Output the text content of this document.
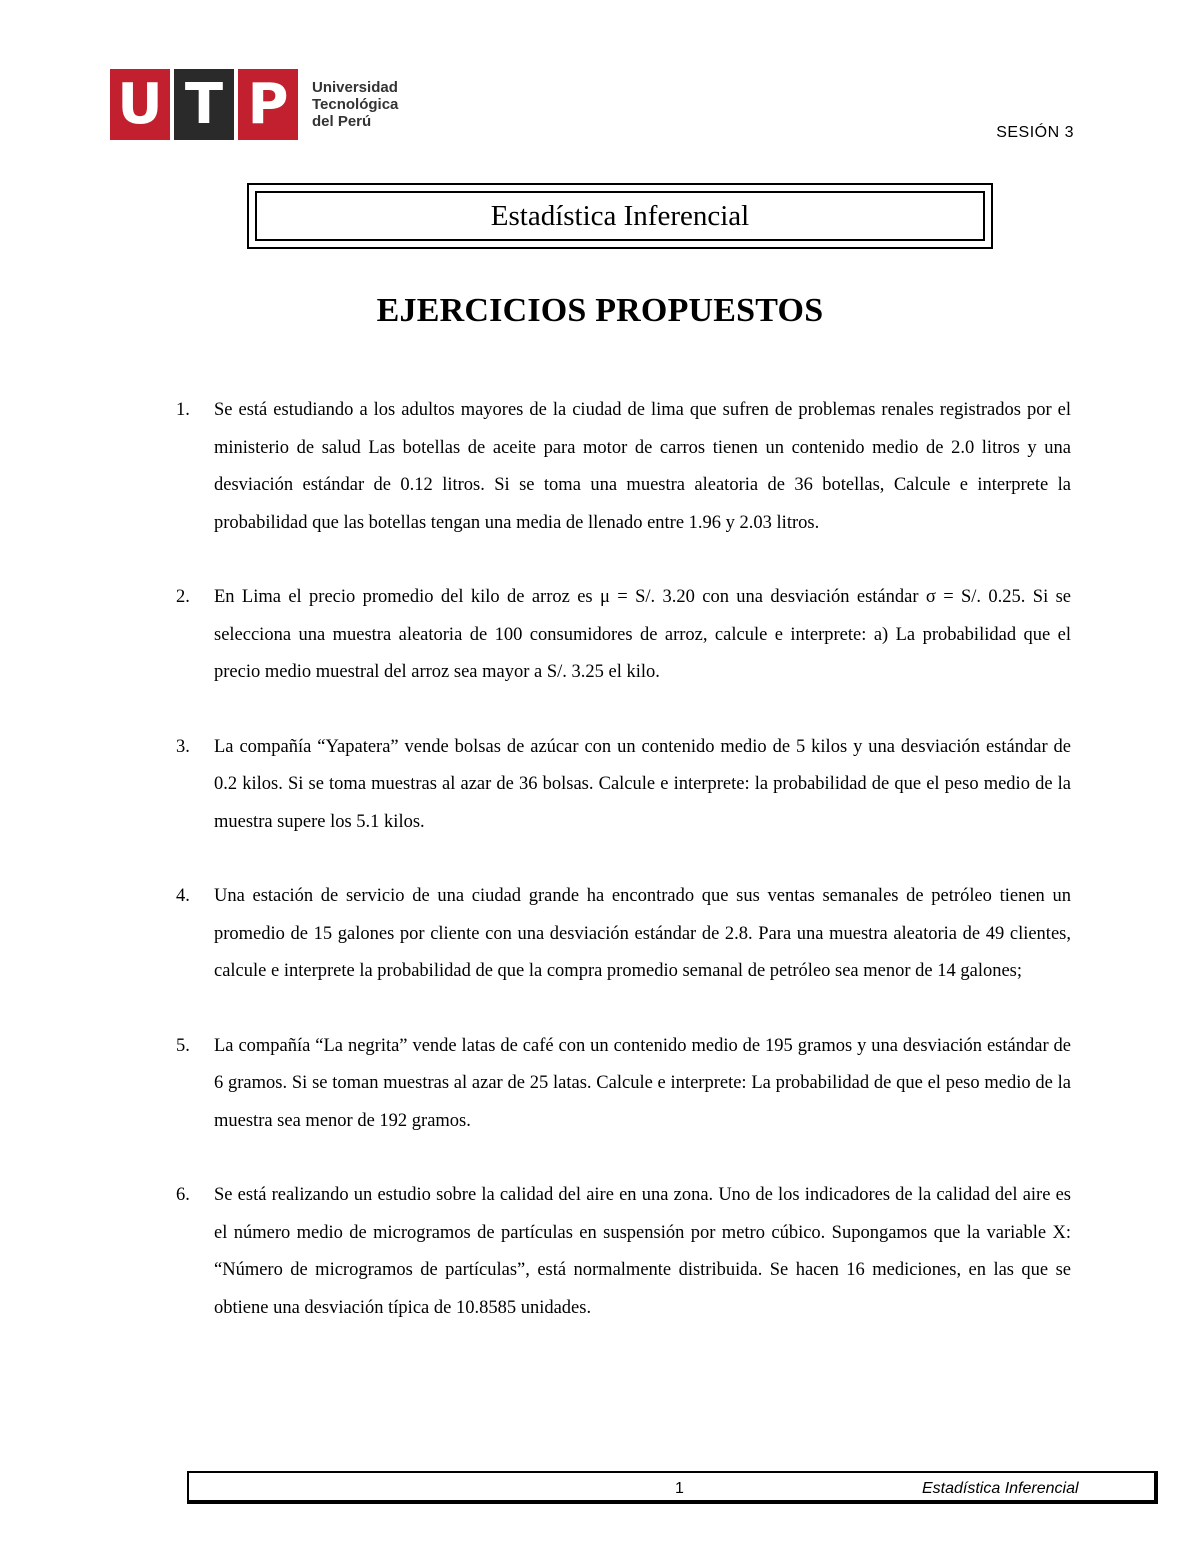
U T P	Universidad
Tecnológica
del Perú
SESIÓN 3
Estadística Inferencial
EJERCICIOS PROPUESTOS
1. Se está estudiando a los adultos mayores de la ciudad de lima que sufren de problemas renales registrados por el ministerio de salud Las botellas de aceite para motor de carros tienen un contenido medio de 2.0 litros y una desviación estándar de 0.12 litros. Si se toma una muestra aleatoria de 36 botellas, Calcule e interprete la probabilidad que las botellas tengan una media de llenado entre 1.96 y 2.03 litros.
2. En Lima el precio promedio del kilo de arroz es μ = S/. 3.20 con una desviación estándar σ = S/. 0.25. Si se selecciona una muestra aleatoria de 100 consumidores de arroz, calcule e interprete: a) La probabilidad que el precio medio muestral del arroz sea mayor a S/. 3.25 el kilo.
3. La compañía “Yapatera” vende bolsas de azúcar con un contenido medio de 5 kilos y una desviación estándar de 0.2 kilos. Si se toma muestras al azar de 36 bolsas. Calcule e interprete: la probabilidad de que el peso medio de la muestra supere los 5.1 kilos.
4. Una estación de servicio de una ciudad grande ha encontrado que sus ventas semanales de petróleo tienen un promedio de 15 galones por cliente con una desviación estándar de 2.8. Para una muestra aleatoria de 49 clientes, calcule e interprete la probabilidad de que la compra promedio semanal de petróleo sea menor de 14 galones;
5. La compañía “La negrita” vende latas de café con un contenido medio de 195 gramos y una desviación estándar de 6 gramos. Si se toman muestras al azar de 25 latas. Calcule e interprete: La probabilidad de que el peso medio de la muestra sea menor de 192 gramos.
6. Se está realizando un estudio sobre la calidad del aire en una zona. Uno de los indicadores de la calidad del aire es el número medio de microgramos de partículas en suspensión por metro cúbico. Supongamos que la variable X: “Número de microgramos de partículas”, está normalmente distribuida. Se hacen 16 mediciones, en las que se obtiene una desviación típica de 10.8585 unidades.
1	Estadística Inferencial
